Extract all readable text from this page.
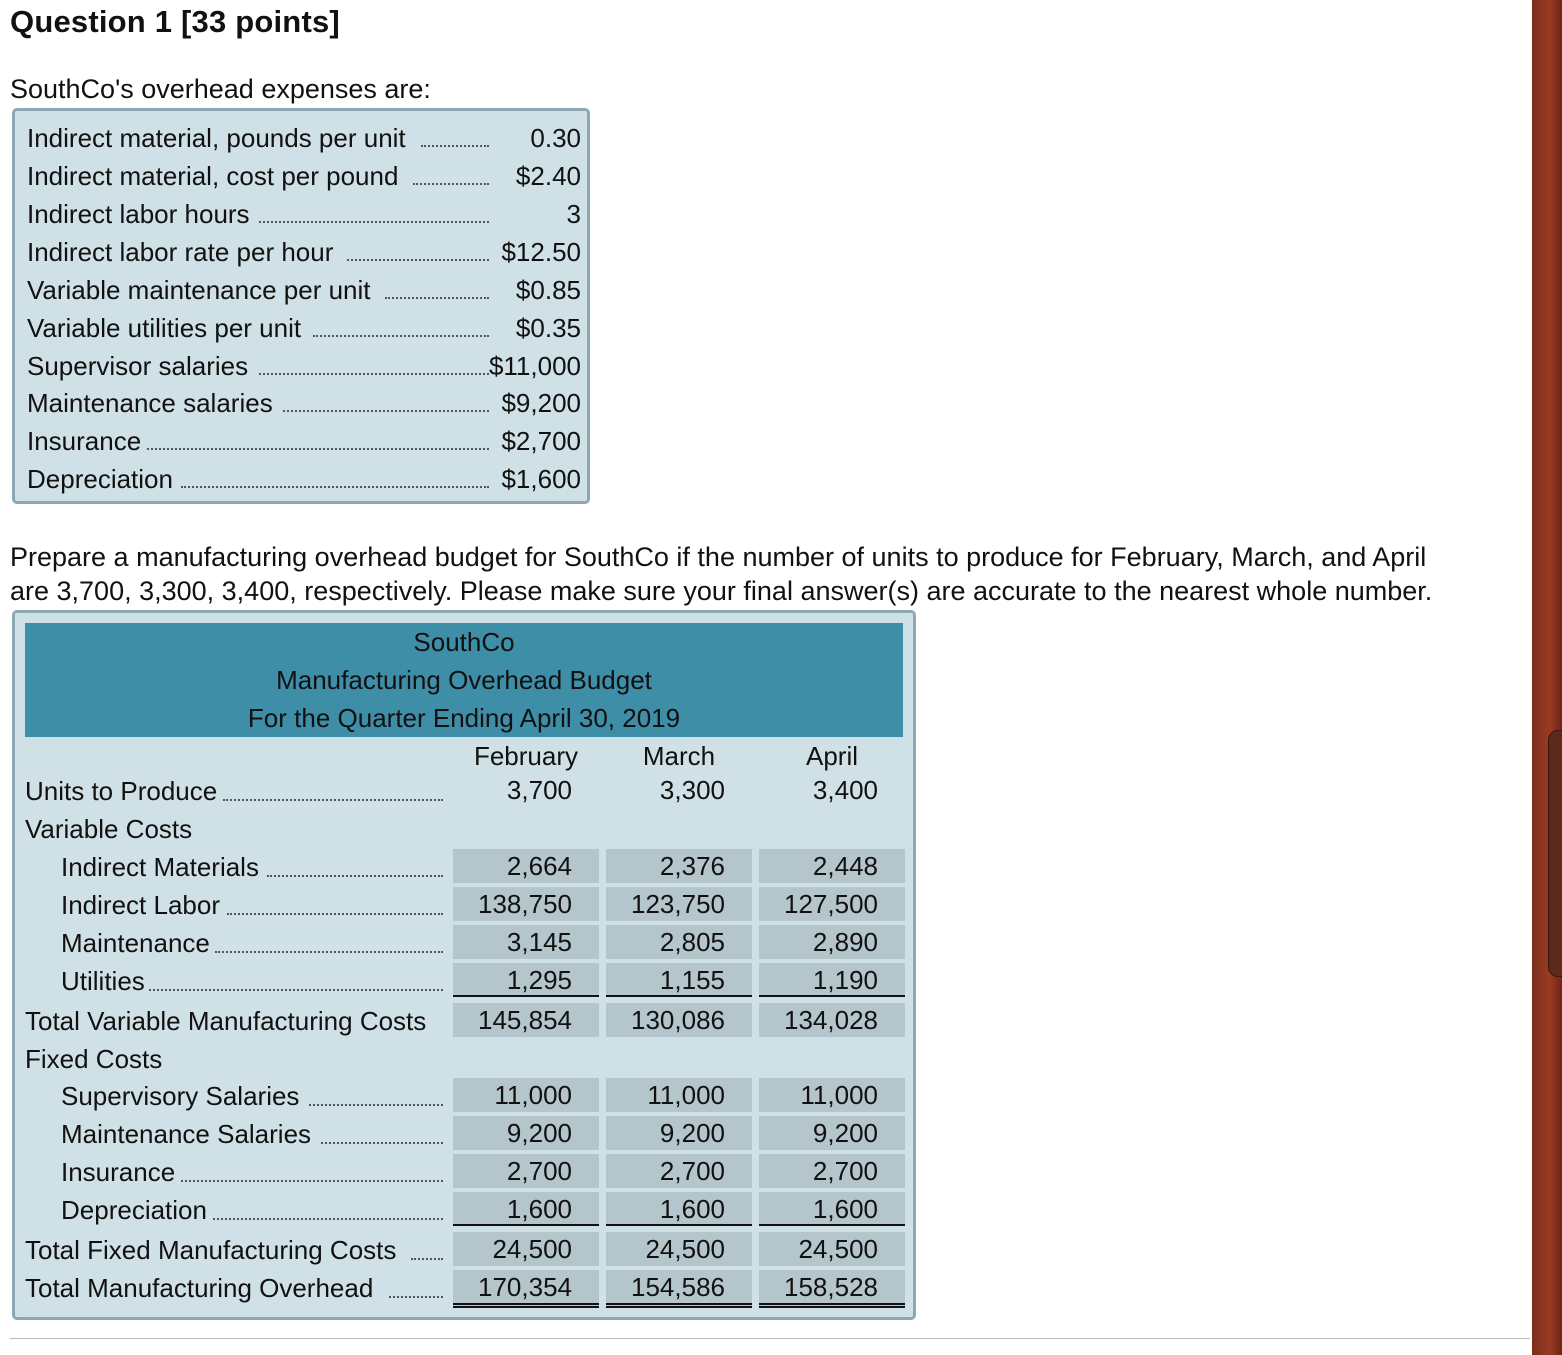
Question 1 [33 points]
SouthCo's overhead expenses are:
Indirect material, pounds per unit	0.30
Indirect material, cost per pound	$2.40
Indirect labor hours	3
Indirect labor rate per hour	$12.50
Variable maintenance per unit	$0.85
Variable utilities per unit	$0.35
Supervisor salaries	$11,000
Maintenance salaries	$9,200
Insurance	$2,700
Depreciation	$1,600
Prepare a manufacturing overhead budget for SouthCo if the number of units to produce for February, March, and April
are 3,700, 3,300, 3,400, respectively. Please make sure your final answer(s) are accurate to the nearest whole number.
SouthCo
Manufacturing Overhead Budget
For the Quarter Ending April 30, 2019
February	March	April
Units to Produce	3,700	3,300	3,400
Variable Costs
Indirect Materials	2,664	2,376	2,448
Indirect Labor	138,750	123,750	127,500
Maintenance	3,145	2,805	2,890
Utilities	1,295	1,155	1,190
Total Variable Manufacturing Costs	145,854	130,086	134,028
Fixed Costs
Supervisory Salaries	11,000	11,000	11,000
Maintenance Salaries	9,200	9,200	9,200
Insurance	2,700	2,700	2,700
Depreciation	1,600	1,600	1,600
Total Fixed Manufacturing Costs	24,500	24,500	24,500
Total Manufacturing Overhead	170,354	154,586	158,528
